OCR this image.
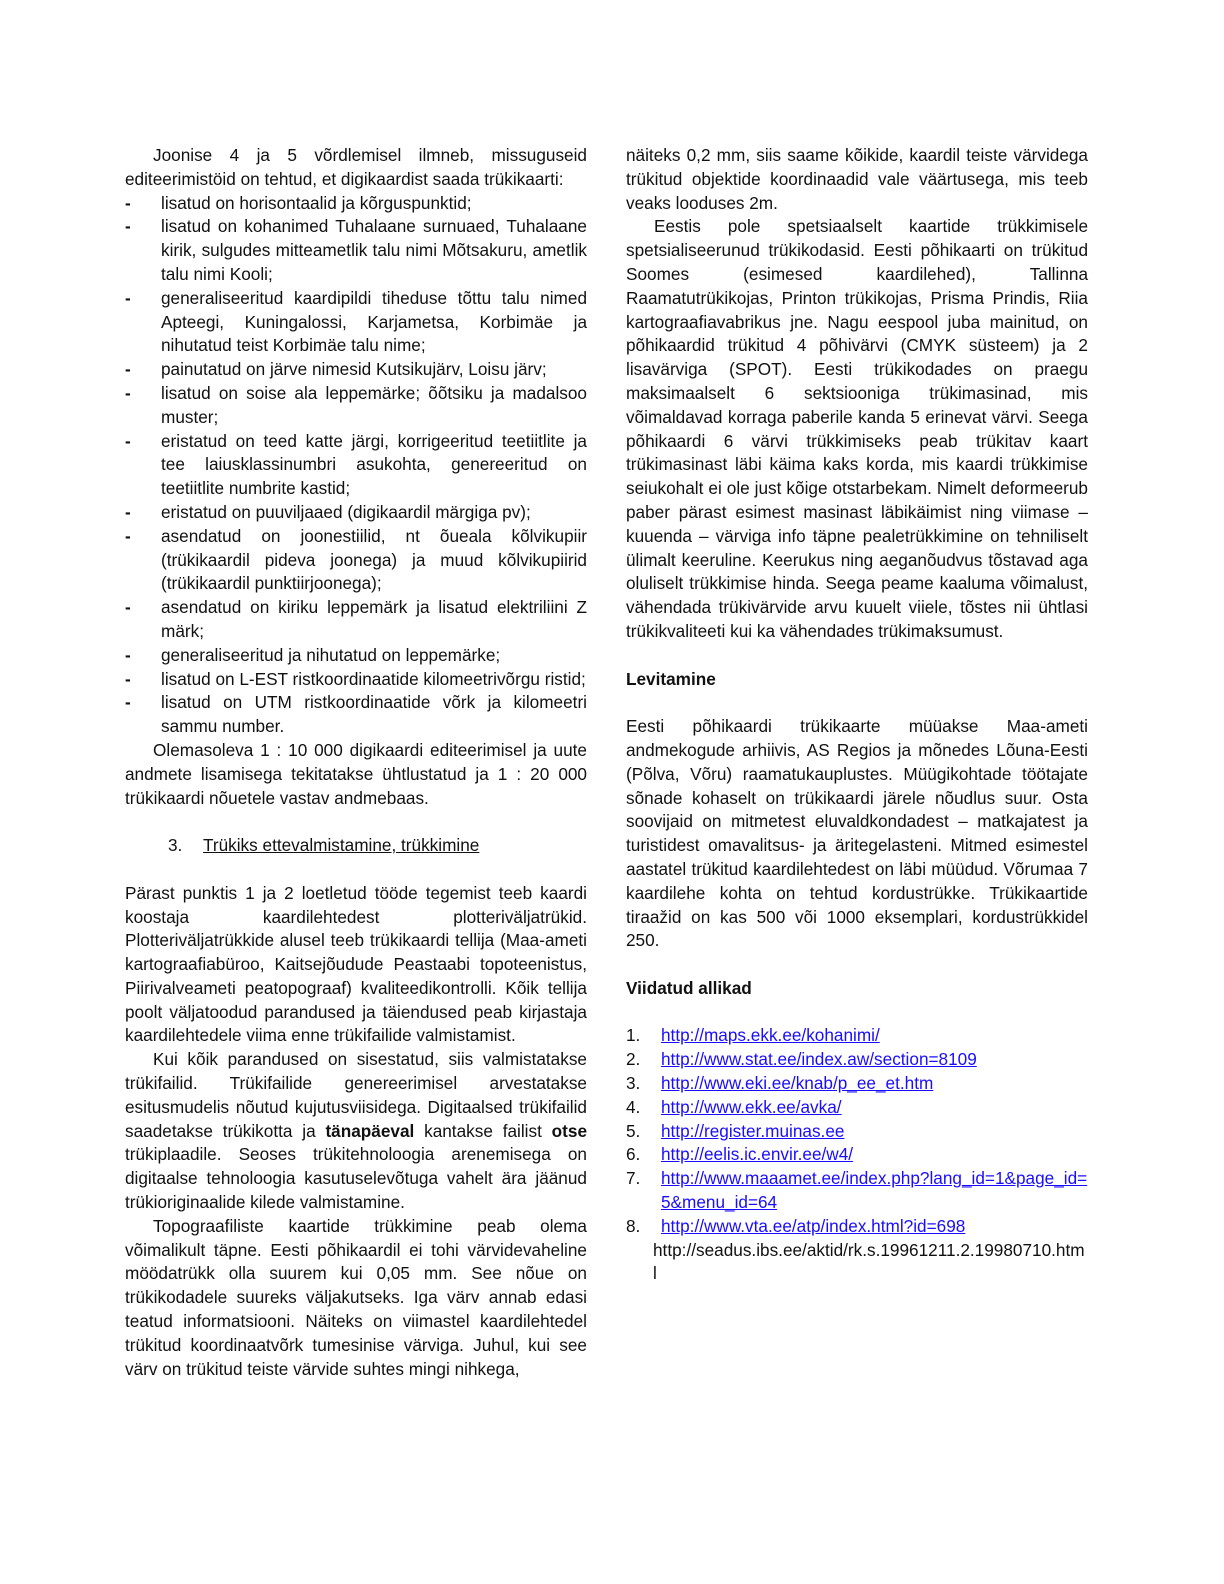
Joonise 4 ja 5 võrdlemisel ilmneb, missuguseid editeerimistöid on tehtud, et digikaardist saada trükikaarti:

- lisatud on horisontaalid ja kõrguspunktid;
- lisatud on kohanimed Tuhalaane surnuaed, Tuhalaane kirik, sulgudes mitteametlik talu nimi Mõtsakuru, ametlik talu nimi Kooli;
- generaliseeritud kaardipildi tiheduse tõttu talu nimed Apteegi, Kuningalossi, Karjametsa, Korbimäe ja nihutatud teist Korbimäe talu nime;
- painutatud on järve nimesid Kutsikujärv, Loisu järv;
- lisatud on soise ala leppemärke; õõtsiku ja madalsoo muster;
- eristatud on teed katte järgi, korrigeeritud teetiitlite ja tee laiusklassinumbri asukohta, genereeritud on teetiitlite numbrite kastid;
- eristatud on puuviljaaed (digikaardil märgiga pv);
- asendatud on joonestiilid, nt õueala kõlvikupiir (trükikaardil pideva joonega) ja muud kõlvikupiirid (trükikaardil punktiirjoonega);
- asendatud on kiriku leppemärk ja lisatud elektriliini Z märk;
- generaliseeritud ja nihutatud on leppemärke;
- lisatud on L-EST ristkoordinaatide kilomeetrivõrgu ristid;
- lisatud on UTM ristkoordinaatide võrk ja kilomeetri sammu number.

Olemasoleva 1 : 10 000 digikaardi editeerimisel ja uute andmete lisamisega tekitatakse ühtlustatud ja 1 : 20 000 trükikaardi nõuetele vastav andmebaas.

3. Trükiks ettevalmistamine, trükkimine

Pärast punktis 1 ja 2 loetletud tööde tegemist teeb kaardi koostaja kaardilehtedest plotteriväljatrükid. Plotteriväljatrükkide alusel teeb trükikaardi tellija (Maa-ameti kartograafiabüroo, Kaitsejõudude Peastaabi topoteenistus, Piirivalveameti peatopograaf) kvaliteedikontrolli. Kõik tellija poolt väljatoodud parandused ja täiendused peab kirjastaja kaardilehtedele viima enne trükifailide valmistamist.

Kui kõik parandused on sisestatud, siis valmistatakse trükifailid. Trükifailide genereerimisel arvestatakse esitusmudelis nõutud kujutusviisidega. Digitaalsed trükifailid saadetakse trükikotta ja tänapäeval kantakse failist otse trükiplaadile. Seoses trükitehnoloogia arenemisega on digitaalse tehnoloogia kasutuselevõtuga vahelt ära jäänud trükioriginaalide kilede valmistamine.

Topograafiliste kaartide trükkimine peab olema võimalikult täpne. Eesti põhikaardil ei tohi värvidevaheline möödatrükk olla suurem kui 0,05 mm. See nõue on trükikodadele suureks väljakutseks. Iga värv annab edasi teatud informatsiooni. Näiteks on viimastel kaardilehtedel trükitud koordinaatvõrk tumesinise värviga. Juhul, kui see värv on trükitud teiste värvide suhtes mingi nihkega,

näiteks 0,2 mm, siis saame kõikide, kaardil teiste värvidega trükitud objektide koordinaadid vale väärtusega, mis teeb veaks looduses 2m.

Eestis pole spetsiaalselt kaartide trükkimisele spetsialiseerunud trükikodasid. Eesti põhikaarti on trükitud Soomes (esimesed kaardilehed), Tallinna Raamatutrükikojas, Printon trükikojas, Prisma Prindis, Riia kartograafiavabrikus jne. Nagu eespool juba mainitud, on põhikaardid trükitud 4 põhivärvi (CMYK süsteem) ja 2 lisavärviga (SPOT). Eesti trükikodades on praegu maksimaalselt 6 sektsiooniga trükimasinad, mis võimaldavad korraga paberile kanda 5 erinevat värvi. Seega põhikaardi 6 värvi trükkimiseks peab trükitav kaart trükimasinast läbi käima kaks korda, mis kaardi trükkimise seiukohalt ei ole just kõige otstarbekam. Nimelt deformeerub paber pärast esimest masinast läbikäimist ning viimase – kuuenda – värviga info täpne pealetrükkimine on tehniliselt ülimalt keeruline. Keerukus ning aeganõudvus tõstavad aga oluliselt trükkimise hinda. Seega peame kaaluma võimalust, vähendada trükivärvide arvu kuuelt viiele, tõstes nii ühtlasi trükikvaliteeti kui ka vähendades trükimaksumust.

Levitamine

Eesti põhikaardi trükikaarte müüakse Maa-ameti andmekogude arhiivis, AS Regios ja mõnedes Lõuna-Eesti (Põlva, Võru) raamatukauplustes. Müügikohtade töötajate sõnade kohaselt on trükikaardi järele nõudlus suur. Osta soovijaid on mitmetest eluvaldkondadest – matkajatest ja turistidest omavalitsus- ja äritegelasteni. Mitmed esimestel aastatel trükitud kaardilehtedest on läbi müüdud. Võrumaa 7 kaardilehe kohta on tehtud kordustrükke. Trükikaartide tiraažid on kas 500 või 1000 eksemplari, kordustrükkidel 250.

Viidatud allikad

1. http://maps.ekk.ee/kohanimi/
2. http://www.stat.ee/index.aw/section=8109
3. http://www.eki.ee/knab/p_ee_et.htm
4. http://www.ekk.ee/avka/
5. http://register.muinas.ee
6. http://eelis.ic.envir.ee/w4/
7. http://www.maaamet.ee/index.php?lang_id=1&page_id=5&menu_id=64
8. http://www.vta.ee/atp/index.html?id=698

http://seadus.ibs.ee/aktid/rk.s.19961211.2.19980710.html
